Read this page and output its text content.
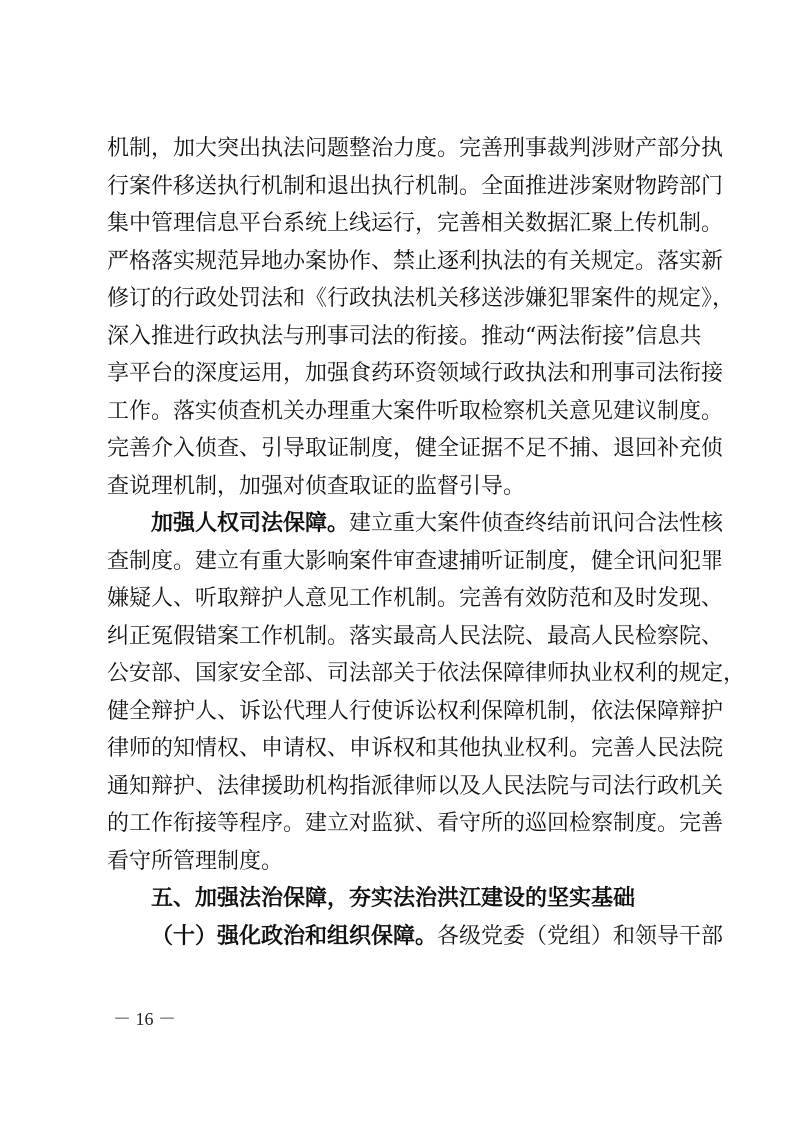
机制，加大突出执法问题整治力度。完善刑事裁判涉财产部分执
行案件移送执行机制和退出执行机制。全面推进涉案财物跨部门
集中管理信息平台系统上线运行，完善相关数据汇聚上传机制。
严格落实规范异地办案协作、禁止逐利执法的有关规定。落实新
修订的行政处罚法和《行政执法机关移送涉嫌犯罪案件的规定》，
深入推进行政执法与刑事司法的衔接。推动“两法衔接”信息共
享平台的深度运用，加强食药环资领域行政执法和刑事司法衔接
工作。落实侦查机关办理重大案件听取检察机关意见建议制度。
完善介入侦查、引导取证制度，健全证据不足不捕、退回补充侦
查说理机制，加强对侦查取证的监督引导。
加强人权司法保障。建立重大案件侦查终结前讯问合法性核
查制度。建立有重大影响案件审查逮捕听证制度，健全讯问犯罪
嫌疑人、听取辩护人意见工作机制。完善有效防范和及时发现、
纠正冤假错案工作机制。落实最高人民法院、最高人民检察院、
公安部、国家安全部、司法部关于依法保障律师执业权利的规定，
健全辩护人、诉讼代理人行使诉讼权利保障机制，依法保障辩护
律师的知情权、申请权、申诉权和其他执业权利。完善人民法院
通知辩护、法律援助机构指派律师以及人民法院与司法行政机关
的工作衔接等程序。建立对监狱、看守所的巡回检察制度。完善
看守所管理制度。
五、加强法治保障，夯实法治洪江建设的坚实基础
（十）强化政治和组织保障。各级党委（党组）和领导干部
－ 16 －
